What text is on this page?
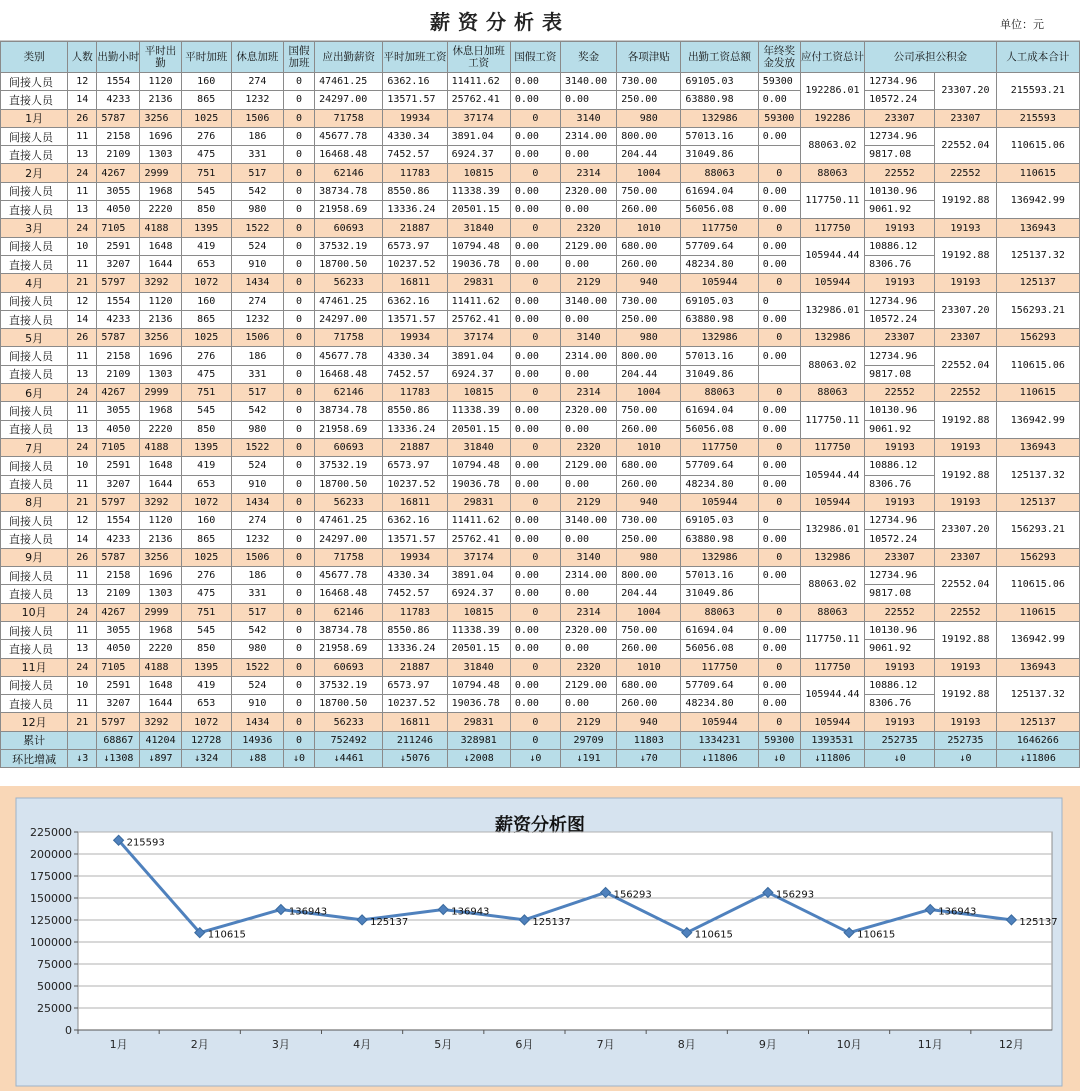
薪资分析表	单位：元
类别	人数	出勤小时	平时出勤	平时加班	休息加班	国假加班	应出勤薪资	平时加班工资	休息日加班工资	国假工资	奖金	各项津贴	出勤工资总额	年终奖金发放	应付工资总计	公司承担公积金		人工成本合计
间接人员	12	1554	1120	160	274	0	47461.25	6362.16	11411.62	0.00	3140.00	730.00	69105.03	59300	192286.01	12734.96	23307.20	215593.21
直接人员	14	4233	2136	865	1232	0	24297.00	13571.57	25762.41	0.00	0.00	250.00	63880.98	0.00		10572.24		
1月	26	5787	3256	1025	1506	0	71758	19934	37174	0	3140	980	132986	59300	192286	23307	23307	215593
间接人员	11	2158	1696	276	186	0	45677.78	4330.34	3891.04	0.00	2314.00	800.00	57013.16	0.00	88063.02	12734.96	22552.04	110615.06
直接人员	13	2109	1303	475	331	0	16468.48	7452.57	6924.37	0.00	0.00	204.44	31049.86			9817.08		
2月	24	4267	2999	751	517	0	62146	11783	10815	0	2314	1004	88063	0	88063	22552	22552	110615
间接人员	11	3055	1968	545	542	0	38734.78	8550.86	11338.39	0.00	2320.00	750.00	61694.04	0.00	117750.11	10130.96	19192.88	136942.99
直接人员	13	4050	2220	850	980	0	21958.69	13336.24	20501.15	0.00	0.00	260.00	56056.08	0.00		9061.92		
3月	24	7105	4188	1395	1522	0	60693	21887	31840	0	2320	1010	117750	0	117750	19193	19193	136943
间接人员	10	2591	1648	419	524	0	37532.19	6573.97	10794.48	0.00	2129.00	680.00	57709.64	0.00	105944.44	10886.12	19192.88	125137.32
直接人员	11	3207	1644	653	910	0	18700.50	10237.52	19036.78	0.00	0.00	260.00	48234.80	0.00		8306.76		
4月	21	5797	3292	1072	1434	0	56233	16811	29831	0	2129	940	105944	0	105944	19193	19193	125137
间接人员	12	1554	1120	160	274	0	47461.25	6362.16	11411.62	0.00	3140.00	730.00	69105.03	0	132986.01	12734.96	23307.20	156293.21
直接人员	14	4233	2136	865	1232	0	24297.00	13571.57	25762.41	0.00	0.00	250.00	63880.98	0.00		10572.24		
5月	26	5787	3256	1025	1506	0	71758	19934	37174	0	3140	980	132986	0	132986	23307	23307	156293
间接人员	11	2158	1696	276	186	0	45677.78	4330.34	3891.04	0.00	2314.00	800.00	57013.16	0.00	88063.02	12734.96	22552.04	110615.06
直接人员	13	2109	1303	475	331	0	16468.48	7452.57	6924.37	0.00	0.00	204.44	31049.86			9817.08		
6月	24	4267	2999	751	517	0	62146	11783	10815	0	2314	1004	88063	0	88063	22552	22552	110615
间接人员	11	3055	1968	545	542	0	38734.78	8550.86	11338.39	0.00	2320.00	750.00	61694.04	0.00	117750.11	10130.96	19192.88	136942.99
直接人员	13	4050	2220	850	980	0	21958.69	13336.24	20501.15	0.00	0.00	260.00	56056.08	0.00		9061.92		
7月	24	7105	4188	1395	1522	0	60693	21887	31840	0	2320	1010	117750	0	117750	19193	19193	136943
间接人员	10	2591	1648	419	524	0	37532.19	6573.97	10794.48	0.00	2129.00	680.00	57709.64	0.00	105944.44	10886.12	19192.88	125137.32
直接人员	11	3207	1644	653	910	0	18700.50	10237.52	19036.78	0.00	0.00	260.00	48234.80	0.00		8306.76		
8月	21	5797	3292	1072	1434	0	56233	16811	29831	0	2129	940	105944	0	105944	19193	19193	125137
间接人员	12	1554	1120	160	274	0	47461.25	6362.16	11411.62	0.00	3140.00	730.00	69105.03	0	132986.01	12734.96	23307.20	156293.21
直接人员	14	4233	2136	865	1232	0	24297.00	13571.57	25762.41	0.00	0.00	250.00	63880.98	0.00		10572.24		
9月	26	5787	3256	1025	1506	0	71758	19934	37174	0	3140	980	132986	0	132986	23307	23307	156293
间接人员	11	2158	1696	276	186	0	45677.78	4330.34	3891.04	0.00	2314.00	800.00	57013.16	0.00	88063.02	12734.96	22552.04	110615.06
直接人员	13	2109	1303	475	331	0	16468.48	7452.57	6924.37	0.00	0.00	204.44	31049.86			9817.08		
10月	24	4267	2999	751	517	0	62146	11783	10815	0	2314	1004	88063	0	88063	22552	22552	110615
间接人员	11	3055	1968	545	542	0	38734.78	8550.86	11338.39	0.00	2320.00	750.00	61694.04	0.00	117750.11	10130.96	19192.88	136942.99
直接人员	13	4050	2220	850	980	0	21958.69	13336.24	20501.15	0.00	0.00	260.00	56056.08	0.00		9061.92		
11月	24	7105	4188	1395	1522	0	60693	21887	31840	0	2320	1010	117750	0	117750	19193	19193	136943
间接人员	10	2591	1648	419	524	0	37532.19	6573.97	10794.48	0.00	2129.00	680.00	57709.64	0.00	105944.44	10886.12	19192.88	125137.32
直接人员	11	3207	1644	653	910	0	18700.50	10237.52	19036.78	0.00	0.00	260.00	48234.80	0.00		8306.76		
12月	21	5797	3292	1072	1434	0	56233	16811	29831	0	2129	940	105944	0	105944	19193	19193	125137
累计		68867	41204	12728	14936	0	752492	211246	328981	0	29709	11803	1334231	59300	1393531	252735	252735	1646266
环比增减	↓3	↓1308	↓897	↓324	↓88	↓0	↓4461	↓5076	↓2008	↓0	↓191	↓70	↓11806	↓0	↓11806	↓0	↓0	↓11806
薪资分析图
0
25000
50000
75000
100000
125000
150000
175000
200000
225000
1月	2月	3月	4月	5月	6月	7月	8月	9月	10月	11月	12月
215593
110615
136943
125137
136943
125137
156293
110615
156293
110615
136943
125137
